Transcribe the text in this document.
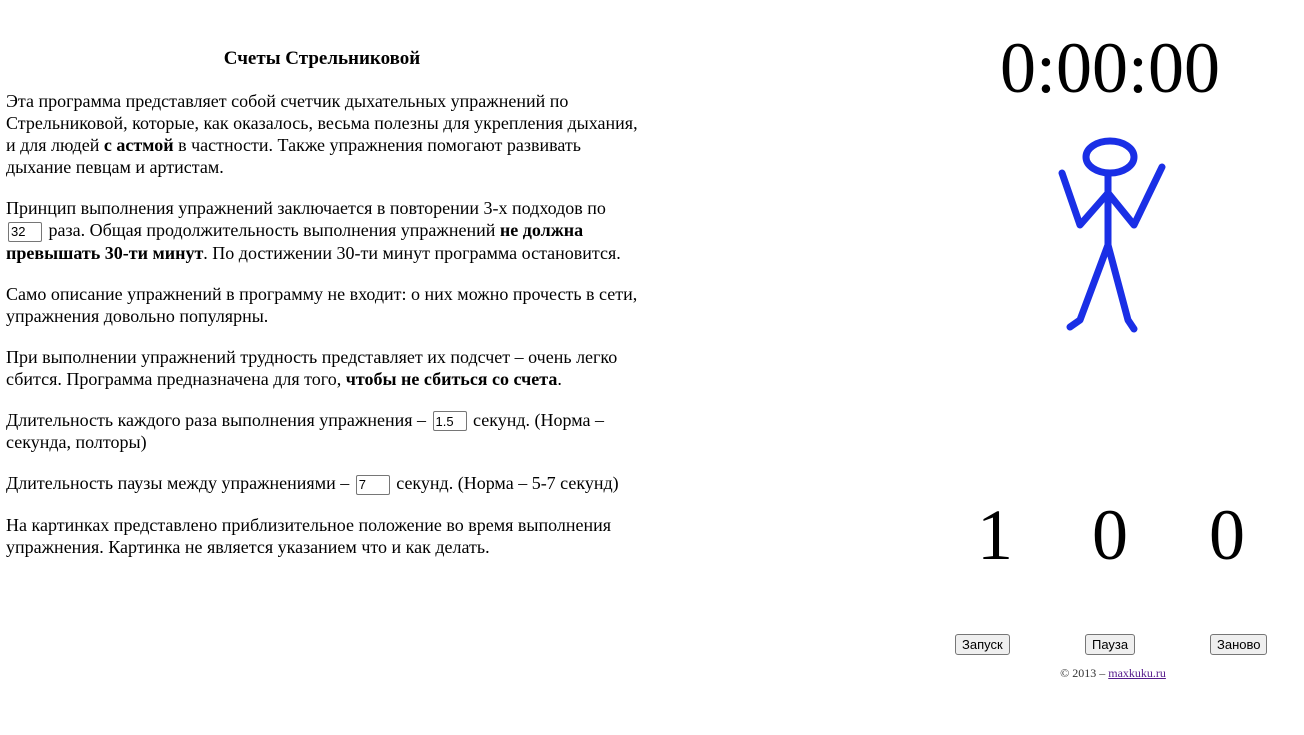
Счеты Стрельниковой

Эта программа представляет собой счетчик дыхательных упражнений по Стрельниковой, которые, как оказалось, весьма полезны для укрепления дыхания, и для людей с астмой в частности. Также упражнения помогают развивать дыхание певцам и артистам.

Принцип выполнения упражнений заключается в повторении 3-х подходов по 32 раза. Общая продолжительность выполнения упражнений не должна превышать 30-ти минут. По достижении 30-ти минут программа остановится.

Само описание упражнений в программу не входит: о них можно прочесть в сети, упражнения довольно популярны.

При выполнении упражнений трудность представляет их подсчет – очень легко сбится. Программа предназначена для того, чтобы не сбиться со счета.

Длительность каждого раза выполнения упражнения – 1.5 секунд. (Норма – секунда, полторы)

Длительность паузы между упражнениями – 7 секунд. (Норма – 5-7 секунд)

На картинках представлено приблизительное положение во время выполнения упражнения. Картинка не является указанием что и как делать.

0:00:00
1	0	0
Запуск	Пауза	Заново
© 2013 – maxkuku.ru
